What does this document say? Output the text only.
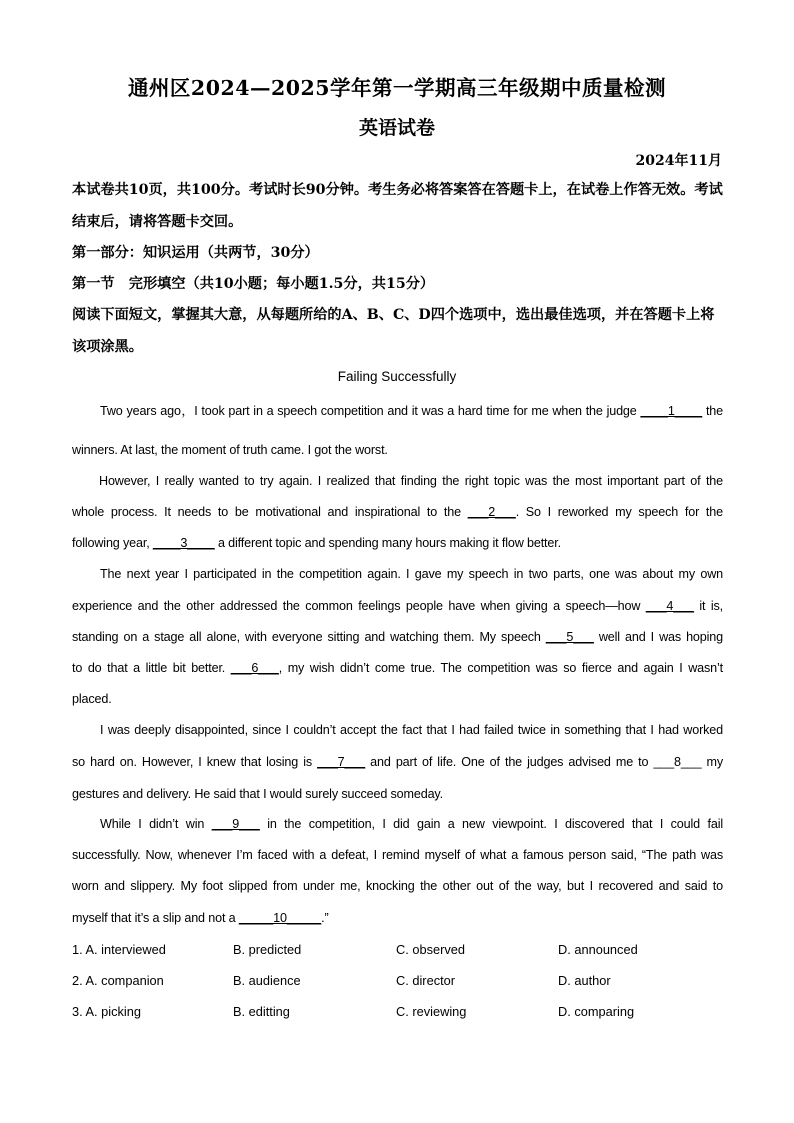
通州区2024—2025学年第一学期高三年级期中质量检测
英语试卷
2024年11月
本试卷共10页，共100分。考试时长90分钟。考生务必将答案答在答题卡上，在试卷上作答无效。考试结束后，请将答题卡交回。
第一部分：知识运用（共两节，30分）
第一节　完形填空（共10小题；每小题1.5分，共15分）
阅读下面短文，掌握其大意，从每题所给的A、B、C、D四个选项中，选出最佳选项，并在答题卡上将该项涂黑。
Failing Successfully
Two years ago，I took part in a speech competition and it was a hard time for me when the judge ____1____ the
winners. At last, the moment of truth came. I got the worst.
However, I really wanted to try again. I realized that finding the right topic was the most important part of the
whole process. It needs to be motivational and inspirational to the ___2___. So I reworked my speech for the
following year, ____3____ a different topic and spending many hours making it flow better.
The next year I participated in the competition again. I gave my speech in two parts, one was about my own
experience and the other addressed the common feelings people have when giving a speech—how ___4___ it is,
standing on a stage all alone, with everyone sitting and watching them. My speech ___5___ well and I was hoping
to do that a little bit better. ___6___, my wish didn’t come true. The competition was so fierce and again I wasn’t
placed.
I was deeply disappointed, since I couldn’t accept the fact that I had failed twice in something that I had worked
so hard on. However, I knew that losing is ___7___ and part of life. One of the judges advised me to ___8___ my
gestures and delivery. He said that I would surely succeed someday.
While I didn’t win ___9___ in the competition, I did gain a new viewpoint. I discovered that I could fail
successfully. Now, whenever I’m faced with a defeat, I remind myself of what a famous person said, “The path was
worn and slippery. My foot slipped from under me, knocking the other out of the way, but I recovered and said to
myself that it’s a slip and not a _____10_____.”
1. A. interviewed	B. predicted	C. observed	D. announced
2. A. companion	B. audience	C. director	D. author
3. A. picking	B. editting	C. reviewing	D. comparing
